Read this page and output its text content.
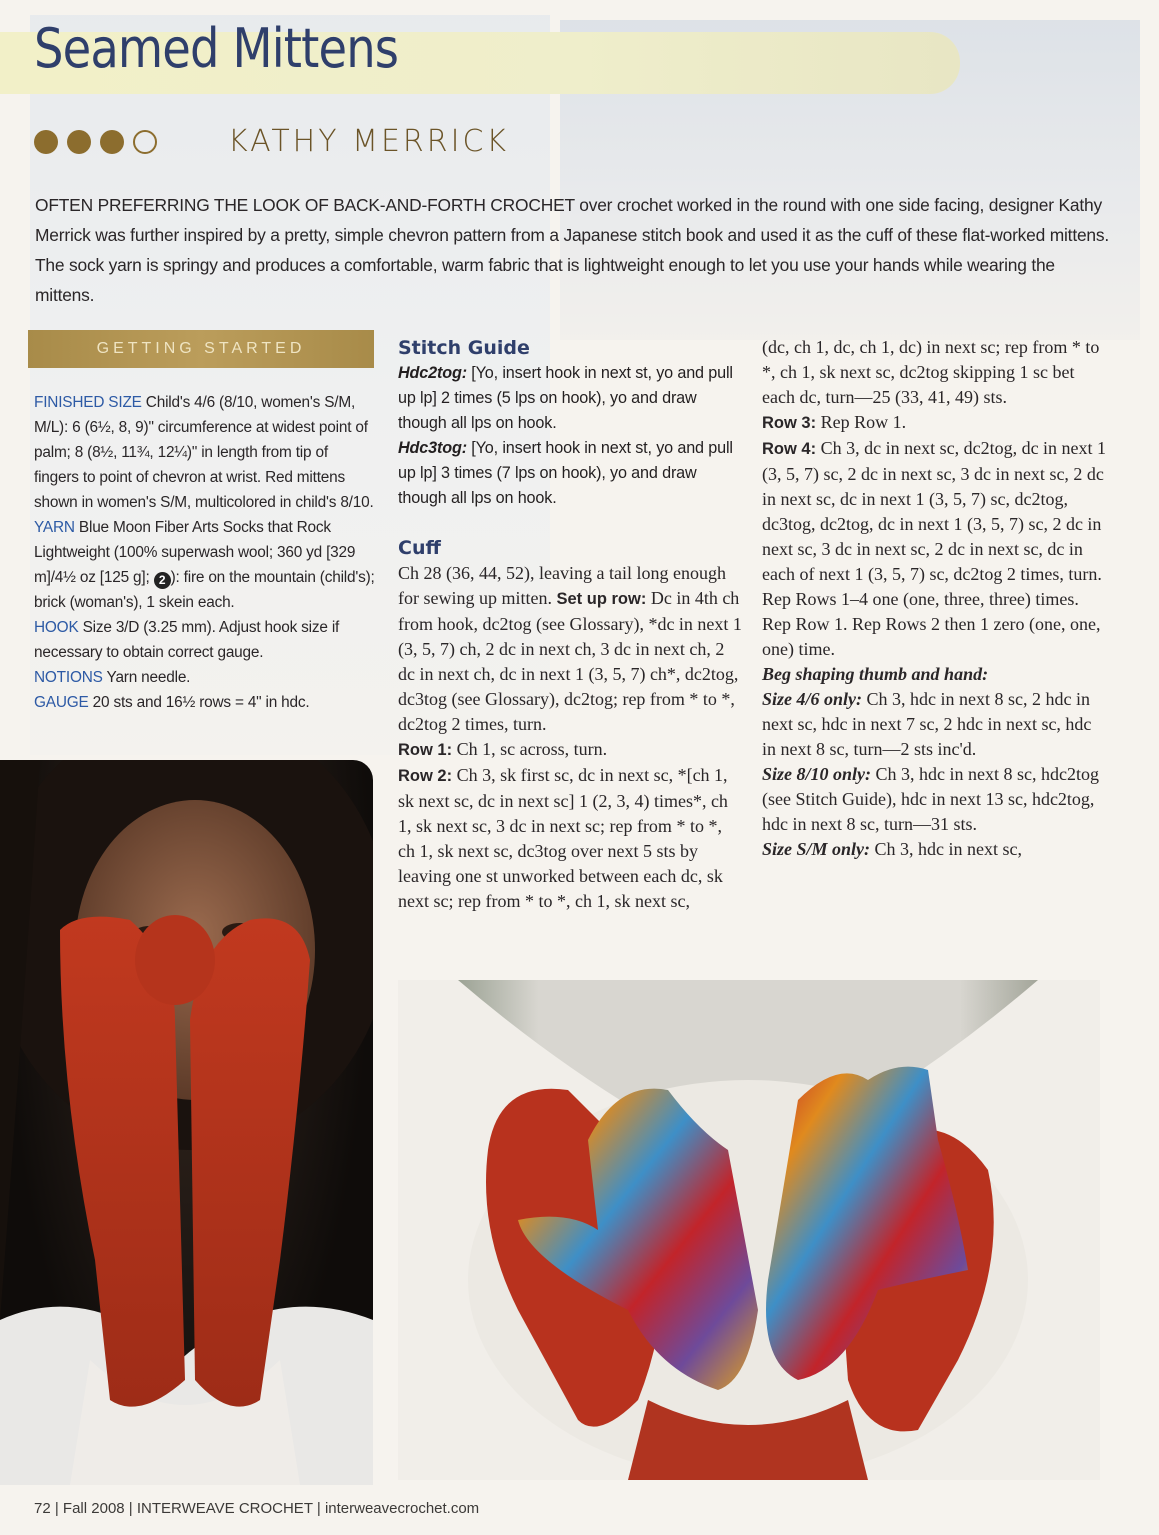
Seamed Mittens

KATHY MERRICK

OFTEN PREFERRING THE LOOK OF BACK-AND-FORTH CROCHET over crochet worked in the round with one side facing, designer Kathy Merrick was further inspired by a pretty, simple chevron pattern from a Japanese stitch book and used it as the cuff of these flat-worked mittens. The sock yarn is springy and produces a comfortable, warm fabric that is lightweight enough to let you use your hands while wearing the mittens.

GETTING STARTED

FINISHED SIZE Child's 4/6 (8/10, women's S/M, M/L): 6 (6½, 8, 9)" circumference at widest point of palm; 8 (8½, 11¾, 12¼)" in length from tip of fingers to point of chevron at wrist. Red mittens shown in women's S/M, multicolored in child's 8/10.

YARN Blue Moon Fiber Arts Socks that Rock Lightweight (100% superwash wool; 360 yd [329 m]/4½ oz [125 g]; 2 ): fire on the mountain (child's); brick (woman's), 1 skein each.

HOOK Size 3/D (3.25 mm). Adjust hook size if necessary to obtain correct gauge.

NOTIONS Yarn needle.

GAUGE 20 sts and 16½ rows = 4" in hdc.

Stitch Guide

Hdc2tog: [Yo, insert hook in next st, yo and pull up lp] 2 times (5 lps on hook), yo and draw though all lps on hook.

Hdc3tog: [Yo, insert hook in next st, yo and pull up lp] 3 times (7 lps on hook), yo and draw though all lps on hook.

Cuff

Ch 28 (36, 44, 52), leaving a tail long enough for sewing up mitten. Set up row: Dc in 4th ch from hook, dc2tog (see Glossary), *dc in next 1 (3, 5, 7) ch, 2 dc in next ch, 3 dc in next ch, 2 dc in next ch, dc in next 1 (3, 5, 7) ch*, dc2tog, dc3tog (see Glossary), dc2tog; rep from * to *, dc2tog 2 times, turn.

Row 1: Ch 1, sc across, turn.

Row 2: Ch 3, sk first sc, dc in next sc, *[ch 1, sk next sc, dc in next sc] 1 (2, 3, 4) times*, ch 1, sk next sc, 3 dc in next sc; rep from * to *, ch 1, sk next sc, dc3tog over next 5 sts by leaving one st unworked between each dc, sk next sc; rep from * to *, ch 1, sk next sc,

(dc, ch 1, dc, ch 1, dc) in next sc; rep from * to *, ch 1, sk next sc, dc2tog skipping 1 sc bet each dc, turn—25 (33, 41, 49) sts.

Row 3: Rep Row 1.

Row 4: Ch 3, dc in next sc, dc2tog, dc in next 1 (3, 5, 7) sc, 2 dc in next sc, 3 dc in next sc, 2 dc in next sc, dc in next 1 (3, 5, 7) sc, dc2tog, dc3tog, dc2tog, dc in next 1 (3, 5, 7) sc, 2 dc in next sc, 3 dc in next sc, 2 dc in next sc, dc in each of next 1 (3, 5, 7) sc, dc2tog 2 times, turn. Rep Rows 1–4 one (one, three, three) times. Rep Row 1. Rep Rows 2 then 1 zero (one, one, one) time.

Beg shaping thumb and hand:

Size 4/6 only: Ch 3, hdc in next 8 sc, 2 hdc in next sc, hdc in next 7 sc, 2 hdc in next sc, hdc in next 8 sc, turn—2 sts inc'd.

Size 8/10 only: Ch 3, hdc in next 8 sc, hdc2tog (see Stitch Guide), hdc in next 13 sc, hdc2tog, hdc in next 8 sc, turn—31 sts.

Size S/M only: Ch 3, hdc in next sc,

72 | Fall 2008 | INTERWEAVE CROCHET | interweavecrochet.com
